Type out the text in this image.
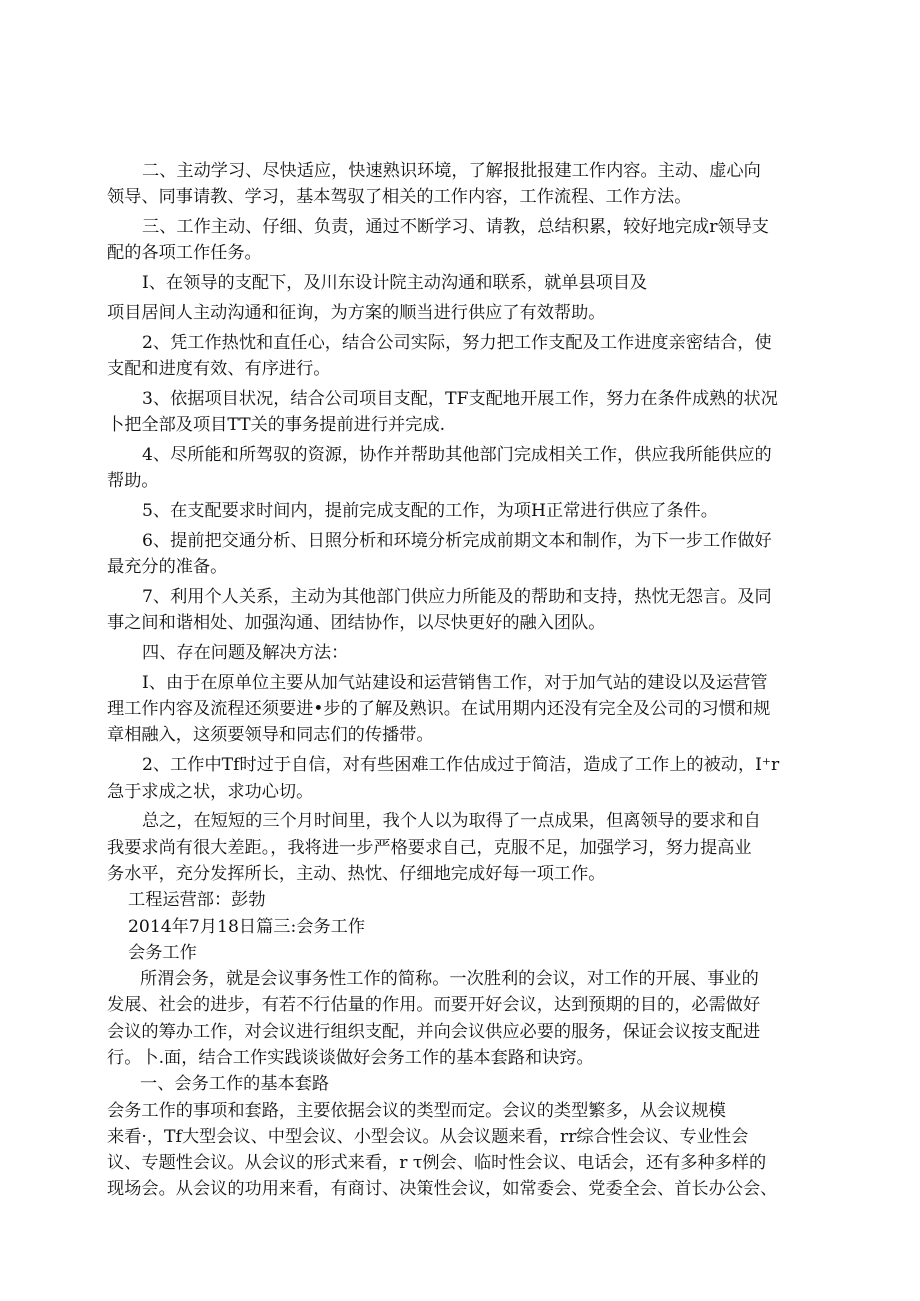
二、主动学习、尽快适应，快速熟识环境，了解报批报建工作内容。主动、虚心向
领导、同事请教、学习，基本驾驭了相关的工作内容，工作流程、工作方法。
三、工作主动、仔细、负责，通过不断学习、请教，总结积累，较好地完成r领导支
配的各项工作任务。
I、在领导的支配下，及川东设计院主动沟通和联系，就单县项目及
项目居间人主动沟通和征询，为方案的顺当进行供应了有效帮助。
2、凭工作热忱和直任心，结合公司实际，努力把工作支配及工作进度亲密结合，使
支配和进度有效、有序进行。
3、依据项目状况，结合公司项目支配，TF支配地开展工作，努力在条件成熟的状况
卜把全部及项目TT关的事务提前进行并完成.
4、尽所能和所驾驭的资源，协作并帮助其他部门完成相关工作，供应我所能供应的
帮助。
5、在支配要求时间内，提前完成支配的工作，为项H正常进行供应了条件。
6、提前把交通分析、日照分析和环境分析完成前期文本和制作，为下一步工作做好
最充分的准备。
7、利用个人关系，主动为其他部门供应力所能及的帮助和支持，热忱无怨言。及同
事之间和谐相处、加强沟通、团结协作，以尽快更好的融入团队。
四、存在问题及解决方法：
I、由于在原单位主要从加气站建设和运营销售工作，对于加气站的建设以及运营管
理工作内容及流程还须要进•步的了解及熟识。在试用期内还没有完全及公司的习惯和规
章相融入，这须要领导和同志们的传播带。
2、工作中Tf时过于自信，对有些困难工作估成过于简洁，造成了工作上的被动，I⁺r
急于求成之状，求功心切。
总之，在短短的三个月时间里，我个人以为取得了一点成果，但离领导的要求和自
我要求尚有很大差距。，我将进一步严格要求自己，克服不足，加强学习，努力提高业
务水平，充分发挥所长，主动、热忱、仔细地完成好每一项工作。
工程运营部：彭勃
2014年7月18日篇三:会务工作
会务工作
所渭会务，就是会议事务性工作的简称。一次胜利的会议，对工作的开展、事业的
发展、社会的进步，有若不行估量的作用。而要开好会议，达到预期的目的，必需做好
会议的筹办工作，对会议进行组织支配，并向会议供应必要的服务，保证会议按支配进
行。卜.面，结合工作实践谈谈做好会务工作的基本套路和诀窍。
一、会务工作的基本套路
会务工作的事项和套路，主要依据会议的类型而定。会议的类型繁多，从会议规模
来看·，Tf大型会议、中型会议、小型会议。从会议题来看，rr综合性会议、专业性会
议、专题性会议。从会议的形式来看，r τ例会、临时性会议、电话会，还有多种多样的
现场会。从会议的功用来看，有商讨、决策性会议，如常委会、党委全会、首长办公会、
